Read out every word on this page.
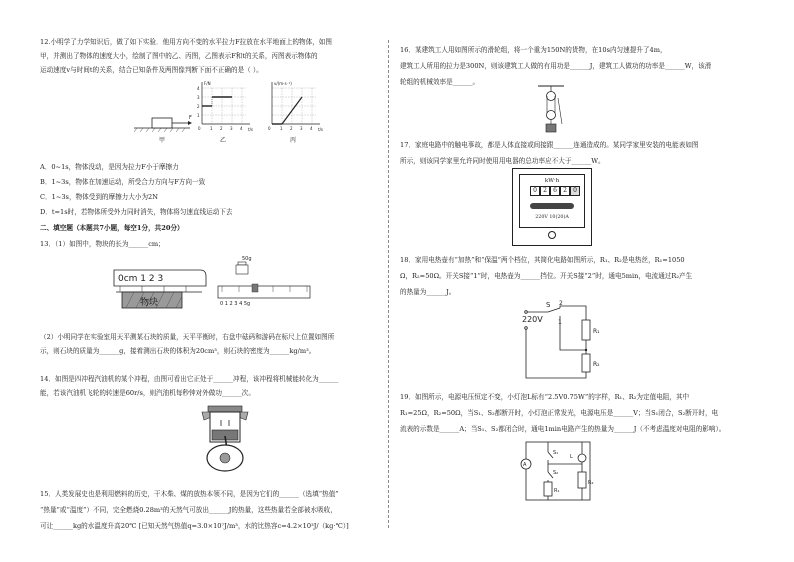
12.小明学了力学知识后，做了如下实验．他用方向不变的水平拉力F拉放在水平地面上的物体，如图
甲，并测出了物体的速度大小，绘制了图中的乙、丙图，乙图表示F和t的关系，丙图表示物体的
运动速度v与时间t的关系，结合已知条件及两图像判断下面不正确的是（ ）。
F
甲
F/N
t/s
0 1 2 3 4
1
2
3
4
乙
v/(m·s⁻¹)
t/s
0 1 2 3 4
丙
A．0~1s，物体没动，是因为拉力F小于摩擦力
B．1~3s，物体在加速运动，所受合力方向与F方向一致
C．1~3s，物体受到的摩擦力大小为2N
D．t=1s时，若物体所受外力同时消失，物体将匀速直线运动下去
二、填空题（本题共7小题，每空1分，共20分）
13．（1）如图中，物块的长为______cm；
0cm 1 2 3
物块
50g
0 1 2 3 4 5g
（2）小明同学在实验室用天平测某石块的质量，天平平衡时，右盘中砝码和游码在标尺上位置如图所
示，则石块的质量为______g，接着测出石块的体积为20cm³，则石块的密度为______kg/m³。
14．如图是四冲程汽油机的某个冲程，由图可看出它正处于______冲程，该冲程将机械能转化为______
能，若该汽油机飞轮的转速是60r/s，则汽油机每秒钟对外做功______次。
15．人类发展史也是利用燃料的历史，干木柴、煤的放热本领不同，是因为它们的______（选填“热值”
“热量”或“温度”）不同，完全燃烧0.28m³的天然气可放出______J的热量，这些热量若全部被水吸收，
可让______kg的水温度升高20℃ [已知天然气热值q=3.0×10⁷J/m³，水的比热容c=4.2×10³J/（kg·℃）]
16．某建筑工人用如图所示的滑轮组，将一个重为150N的货物，在10s内匀速提升了4m，
建筑工人所用的拉力是300N，则该建筑工人做的有用功是______J，建筑工人做功的功率是______W，该滑
轮组的机械效率是______。
17．家庭电路中的触电事故，都是人体直接或间接跟______连通造成的。某同学家里安装的电能表如图
所示，则该同学家里允许同时使用用电器的总功率应不大于______W。
kW·h
0	2	6	2	0
220V 10(20)A
18．家用电热壶有“加热”和“保温”两个档位，其简化电路如图所示，R₁、R₂是电热丝，R₁=1050
Ω，R₂=50Ω。开关S接“1”时，电热壶为______挡位。开关S接“2”时，通电5min，电流通过R₂产生
的热量为______J。
S 2
1
220V
R₁
R₂
19．如图所示，电源电压恒定不变，小灯泡L标有“2.5V0.75W”的字样，R₁、R₂为定值电阻，其中
R₁=25Ω，R₂=50Ω，当S₁、S₂都断开时，小灯泡正常发光，电源电压是______V；当S₁闭合，S₂断开时，电
流表的示数是______A；当S₁、S₂都闭合时，通电1min电路产生的热量为______J（不考虑温度对电阻的影响）。
A
S₁
S₂
L
R₁
R₂
